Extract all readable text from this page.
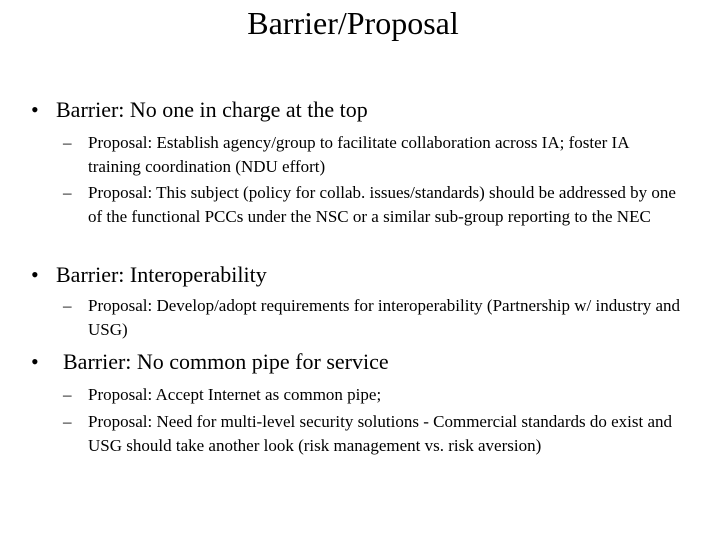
Barrier/Proposal
• Barrier: No one in charge at the top
– Proposal: Establish agency/group to facilitate collaboration across IA; foster IA training coordination (NDU effort)
– Proposal: This subject (policy for collab. issues/standards) should be addressed by one of the functional PCCs under the NSC or a similar sub-group reporting to the NEC
• Barrier: Interoperability
– Proposal: Develop/adopt requirements for interoperability (Partnership w/ industry and USG)
• Barrier: No common pipe for service
– Proposal: Accept Internet as common pipe;
– Proposal: Need for multi-level security solutions - Commercial standards do exist and USG should take another look (risk management vs. risk aversion)
